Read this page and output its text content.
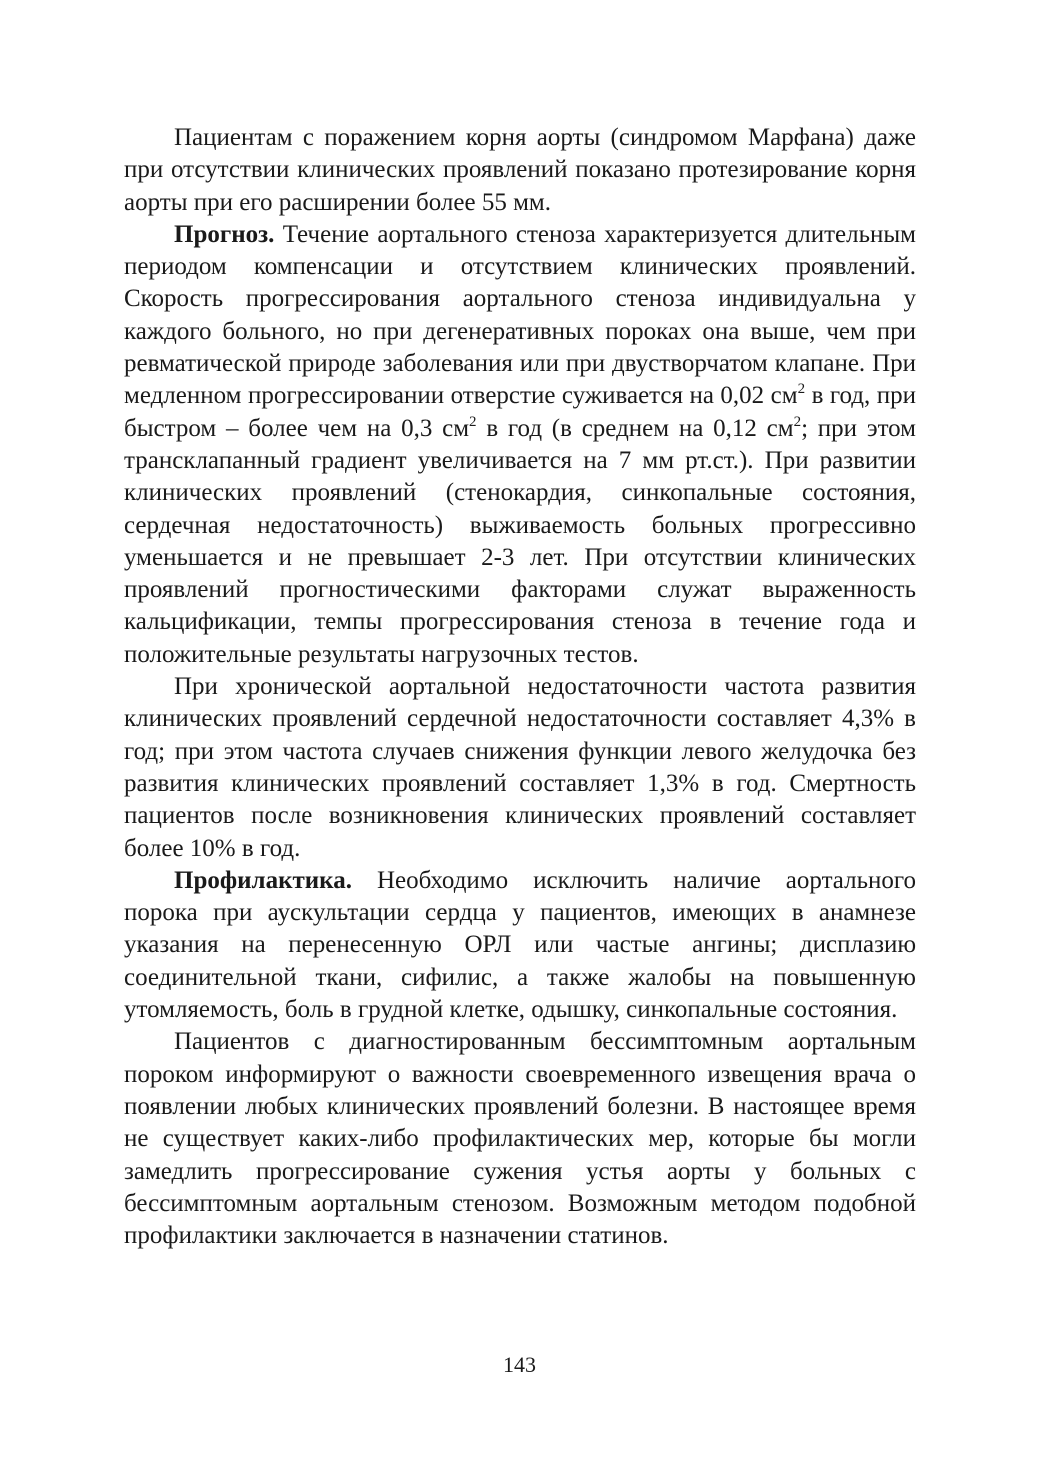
Пациентам с поражением корня аорты (синдромом Марфана) даже при отсутствии клинических проявлений показано протезирование корня аорты при его расширении более 55 мм.

Прогноз. Течение аортального стеноза характеризуется длительным периодом компенсации и отсутствием клинических проявлений. Скорость прогрессирования аортального стеноза индивидуальна у каждого больного, но при дегенеративных пороках она выше, чем при ревматической природе заболевания или при двустворчатом клапане. При медленном прогрессировании отверстие суживается на 0,02 $см^2$ в год, при быстром – более чем на 0,3 $см^2$ в год (в среднем на 0,12 $см^2$; при этом трансклапанный градиент увеличивается на 7 мм рт.ст.). При развитии клинических проявлений (стенокардия, синкопальные состояния, сердечная недостаточность) выживаемость больных прогрессивно уменьшается и не превышает 2-3 лет. При отсутствии клинических проявлений прогностическими факторами служат выраженность кальцификации, темпы прогрессирования стеноза в течение года и положительные результаты нагрузочных тестов.

При хронической аортальной недостаточности частота развития клинических проявлений сердечной недостаточности составляет 4,3% в год; при этом частота случаев снижения функции левого желудочка без развития клинических проявлений составляет 1,3% в год. Смертность пациентов после возникновения клинических проявлений составляет более 10% в год.

Профилактика. Необходимо исключить наличие аортального порока при аускультации сердца у пациентов, имеющих в анамнезе указания на перенесенную ОРЛ или частые ангины; дисплазию соединительной ткани, сифилис, а также жалобы на повышенную утомляемость, боль в грудной клетке, одышку, синкопальные состояния.

Пациентов с диагностированным бессимптомным аортальным пороком информируют о важности своевременного извещения врача о появлении любых клинических проявлений болезни. В настоящее время не существует каких-либо профилактических мер, которые бы могли замедлить прогрессирование сужения устья аорты у больных с бессимптомным аортальным стенозом. Возможным методом подобной профилактики заключается в назначении статинов.

143
